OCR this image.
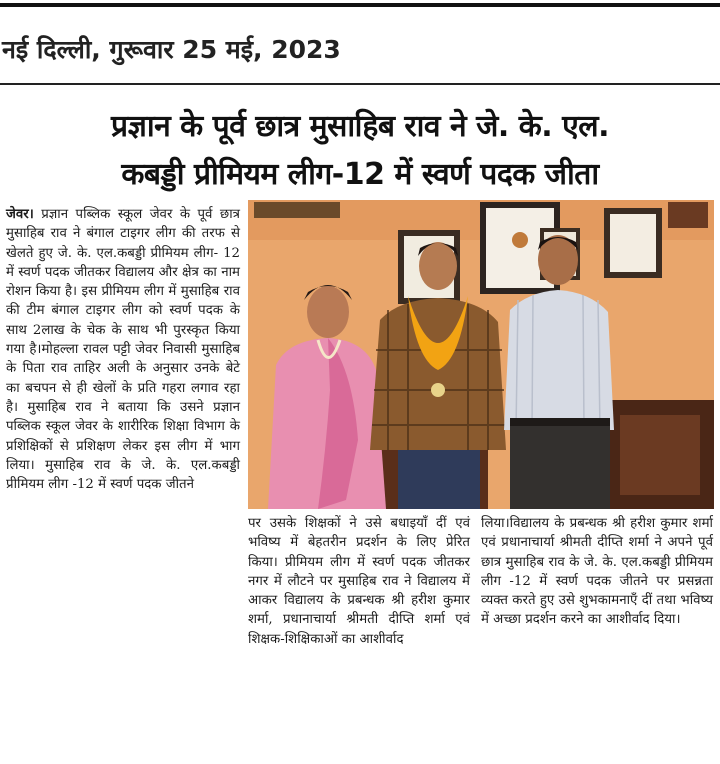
नई दिल्ली, गुरूवार 25 मई, 2023
प्रज्ञान के पूर्व छात्र मुसाहिब राव ने जे. के. एल.
कबड्डी प्रीमियम लीग-12 में स्वर्ण पदक जीता

जेवर। प्रज्ञान पब्लिक स्कूल जेवर के पूर्व छात्र मुसाहिब राव ने बंगाल टाइगर लीग की तरफ से खेलते हुए जे. के. एल.कबड्डी प्रीमियम लीग- 12 में स्वर्ण पदक जीतकर विद्यालय और क्षेत्र का नाम रोशन किया है। इस प्रीमियम लीग में मुसाहिब राव की टीम बंगाल टाइगर लीग को स्वर्ण पदक के साथ 2लाख के चेक के साथ भी पुरस्कृत किया गया है।मोहल्ला रावल पट्टी जेवर निवासी मुसाहिब के पिता राव ताहिर अली के अनुसार उनके बेटे का बचपन से ही खेलों के प्रति गहरा लगाव रहा है। मुसाहिब राव ने बताया कि उसने प्रज्ञान पब्लिक स्कूल जेवर के शारीरिक शिक्षा विभाग के प्रशिक्षिकों से प्रशिक्षण लेकर इस लीग में भाग लिया। मुसाहिब राव के जे. के. एल.कबड्डी प्रीमियम लीग -12 में स्वर्ण पदक जीतने

पर उसके शिक्षकों ने उसे बधाइयाँ दीं एवं भविष्य में बेहतरीन प्रदर्शन के लिए प्रेरित किया। प्रीमियम लीग में स्वर्ण पदक जीतकर नगर में लौटने पर मुसाहिब राव ने विद्यालय में आकर विद्यालय के प्रबन्धक श्री हरीश कुमार शर्मा, प्रधानाचार्या श्रीमती दीप्ति शर्मा एवं शिक्षक-शिक्षिकाओं का आशीर्वाद

लिया।विद्यालय के प्रबन्धक श्री हरीश कुमार शर्मा एवं प्रधानाचार्या श्रीमती दीप्ति शर्मा ने अपने पूर्व छात्र मुसाहिब राव के जे. के. एल.कबड्डी प्रीमियम लीग -12 में स्वर्ण पदक जीतने पर प्रसन्नता व्यक्त करते हुए उसे शुभकामनाएँ दीं तथा भविष्य में अच्छा प्रदर्शन करने का आशीर्वाद दिया।
